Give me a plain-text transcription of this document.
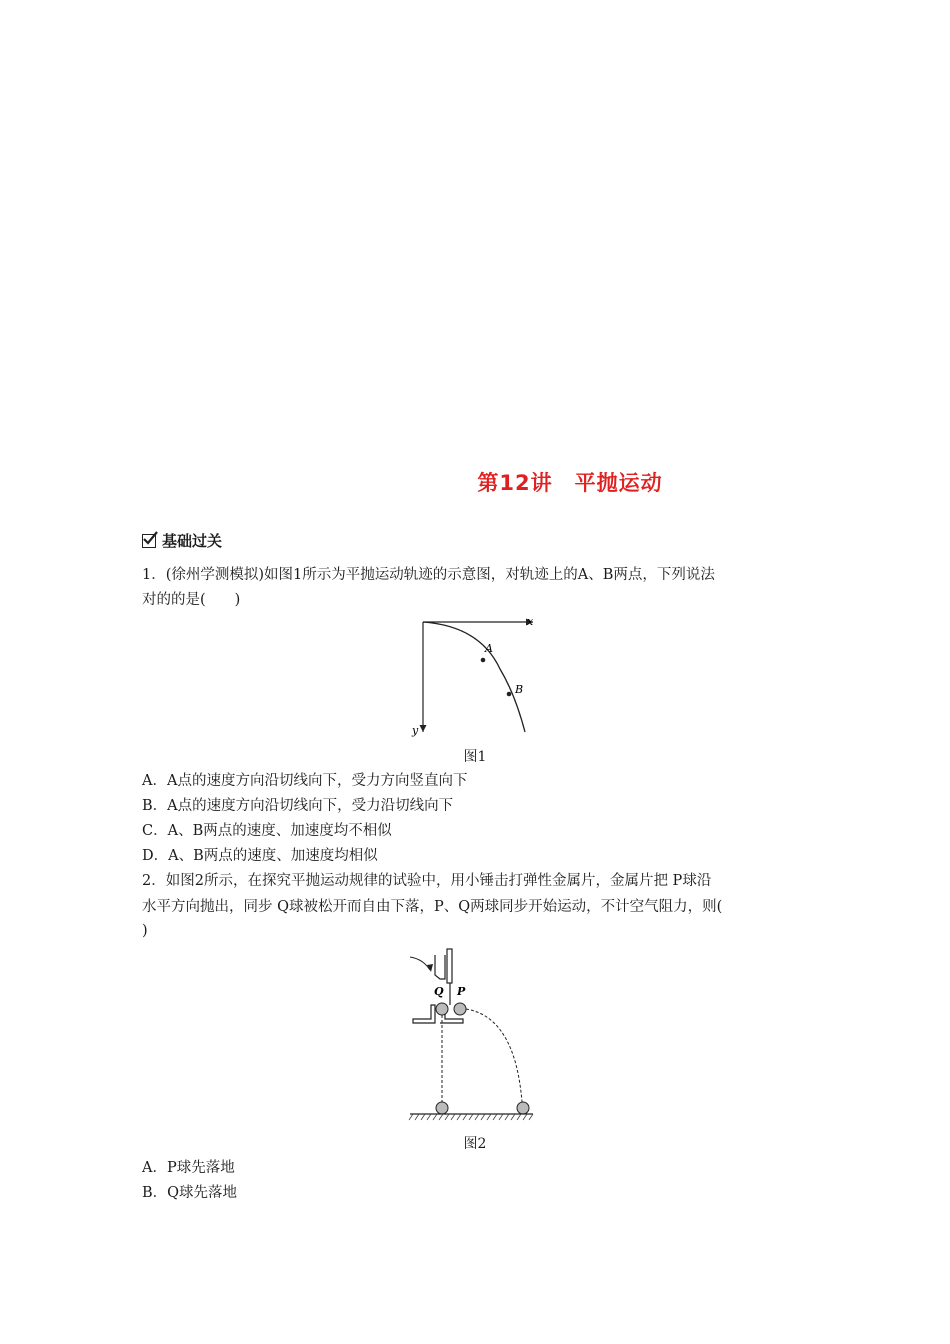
第12讲 平抛运动
基础过关
1．(徐州学测模拟)如图1所示为平抛运动轨迹的示意图，对轨迹上的A、B两点，下列说法
对的的是(　　)
x
y
A
B
图1
A．A点的速度方向沿切线向下，受力方向竖直向下
B．A点的速度方向沿切线向下，受力沿切线向下
C．A、B两点的速度、加速度均不相似
D．A、B两点的速度、加速度均相似
2．如图2所示，在探究平抛运动规律的试验中，用小锤击打弹性金属片，金属片把 P球沿
水平方向抛出，同步 Q球被松开而自由下落，P、Q两球同步开始运动，不计空气阻力，则(
)
Q P
图2
A．P球先落地
B．Q球先落地
